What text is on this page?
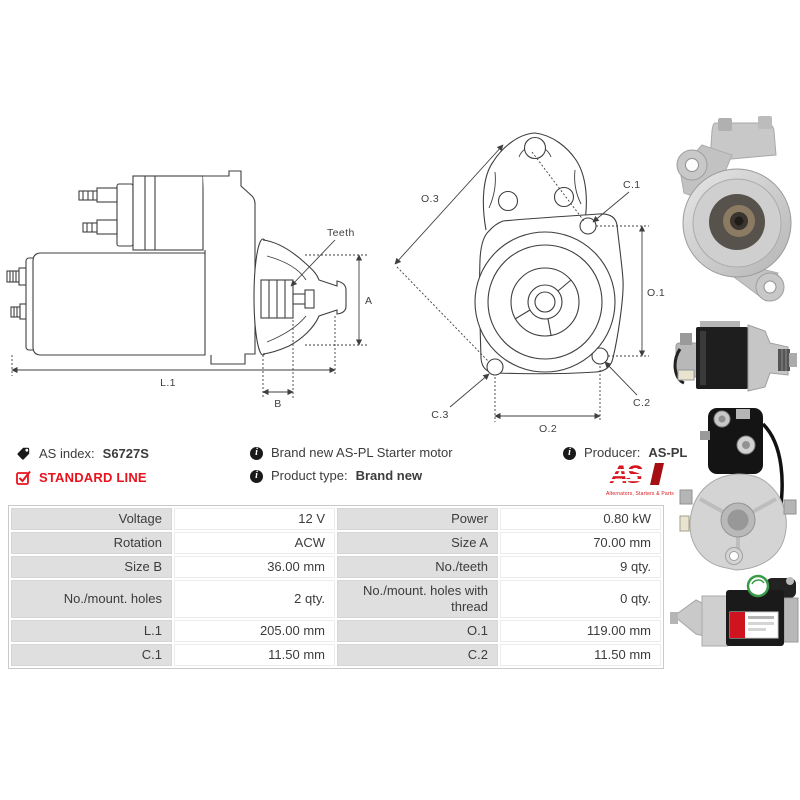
A
L.1
B
Teeth
O.3
C.1
O.1
C.2
C.3
O.2
AS index: S6727S
STANDARD LINE
i
Brand new AS-PL Starter motor
i
Product type: Brand new
i
Producer: AS-PL
Alternators, Starters & Parts
Voltage	12 V	Power	0.80 kW
Rotation	ACW	Size A	70.00 mm
Size B	36.00 mm	No./teeth	9 qty.
No./mount. holes	2 qty.	No./mount. holes with thread	0 qty.
L.1	205.00 mm	O.1	119.00 mm
C.1	11.50 mm	C.2	11.50 mm
